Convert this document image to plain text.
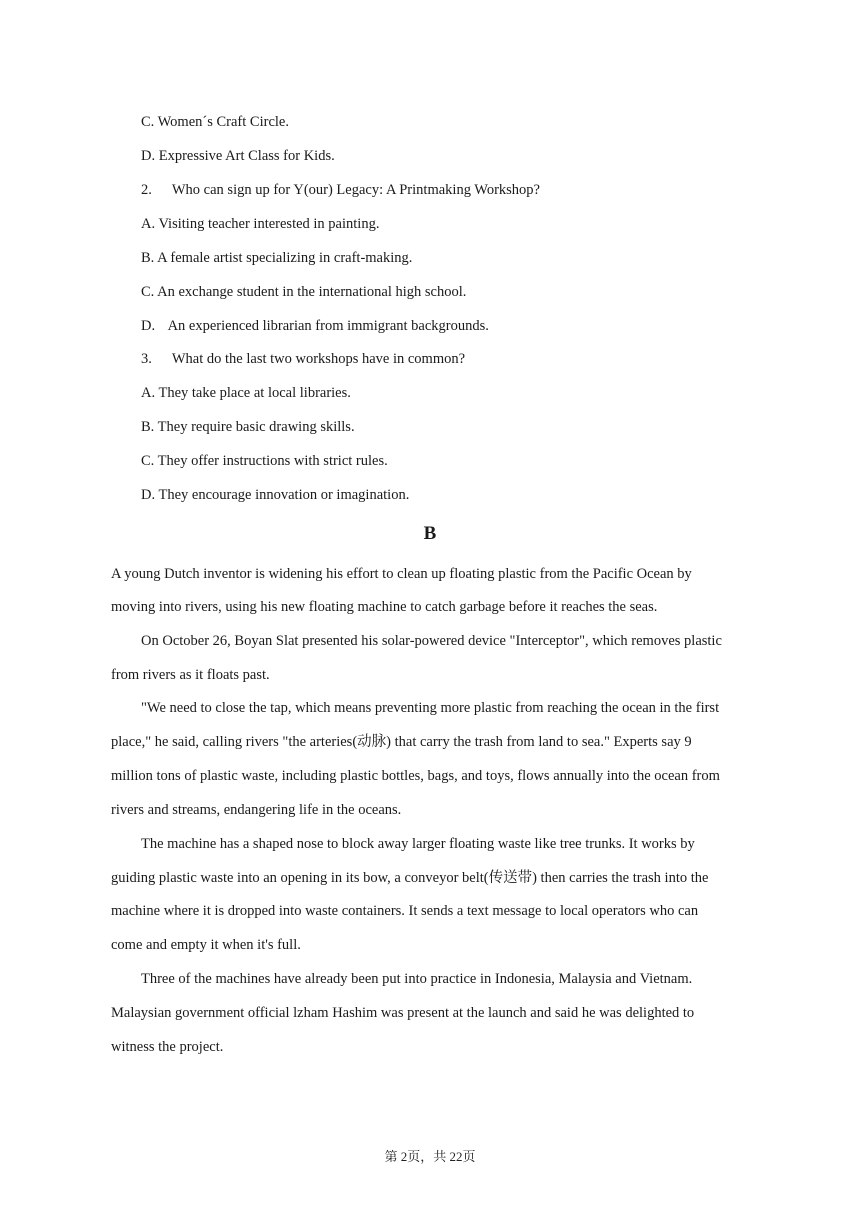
C. Womenˊs Craft Circle.
D. Expressive Art Class for Kids.
2. Who can sign up for Y(our) Legacy: A Printmaking Workshop?
A. Visiting teacher interested in painting.
B. A female artist specializing in craft-making.
C. An exchange student in the international high school.
D. An experienced librarian from immigrant backgrounds.
3. What do the last two workshops have in common?
A. They take place at local libraries.
B. They require basic drawing skills.
C. They offer instructions with strict rules.
D. They encourage innovation or imagination.
B
A young Dutch inventor is widening his effort to clean up floating plastic from the Pacific Ocean by
moving into rivers, using his new floating machine to catch garbage before it reaches the seas.
On October 26, Boyan Slat presented his solar-powered device "Interceptor", which removes plastic
from rivers as it floats past.
"We need to close the tap, which means preventing more plastic from reaching the ocean in the first
place," he said, calling rivers "the arteries(动脉) that carry the trash from land to sea." Experts say 9
million tons of plastic waste, including plastic bottles, bags, and toys, flows annually into the ocean from
rivers and streams, endangering life in the oceans.
The machine has a shaped nose to block away larger floating waste like tree trunks. It works by
guiding plastic waste into an opening in its bow, a conveyor belt(传送带) then carries the trash into the
machine where it is dropped into waste containers. It sends a text message to local operators who can
come and empty it when it's full.
Three of the machines have already been put into practice in Indonesia, Malaysia and Vietnam.
Malaysian government official lzham Hashim was present at the launch and said he was delighted to
witness the project.
第 2页，共 22页
